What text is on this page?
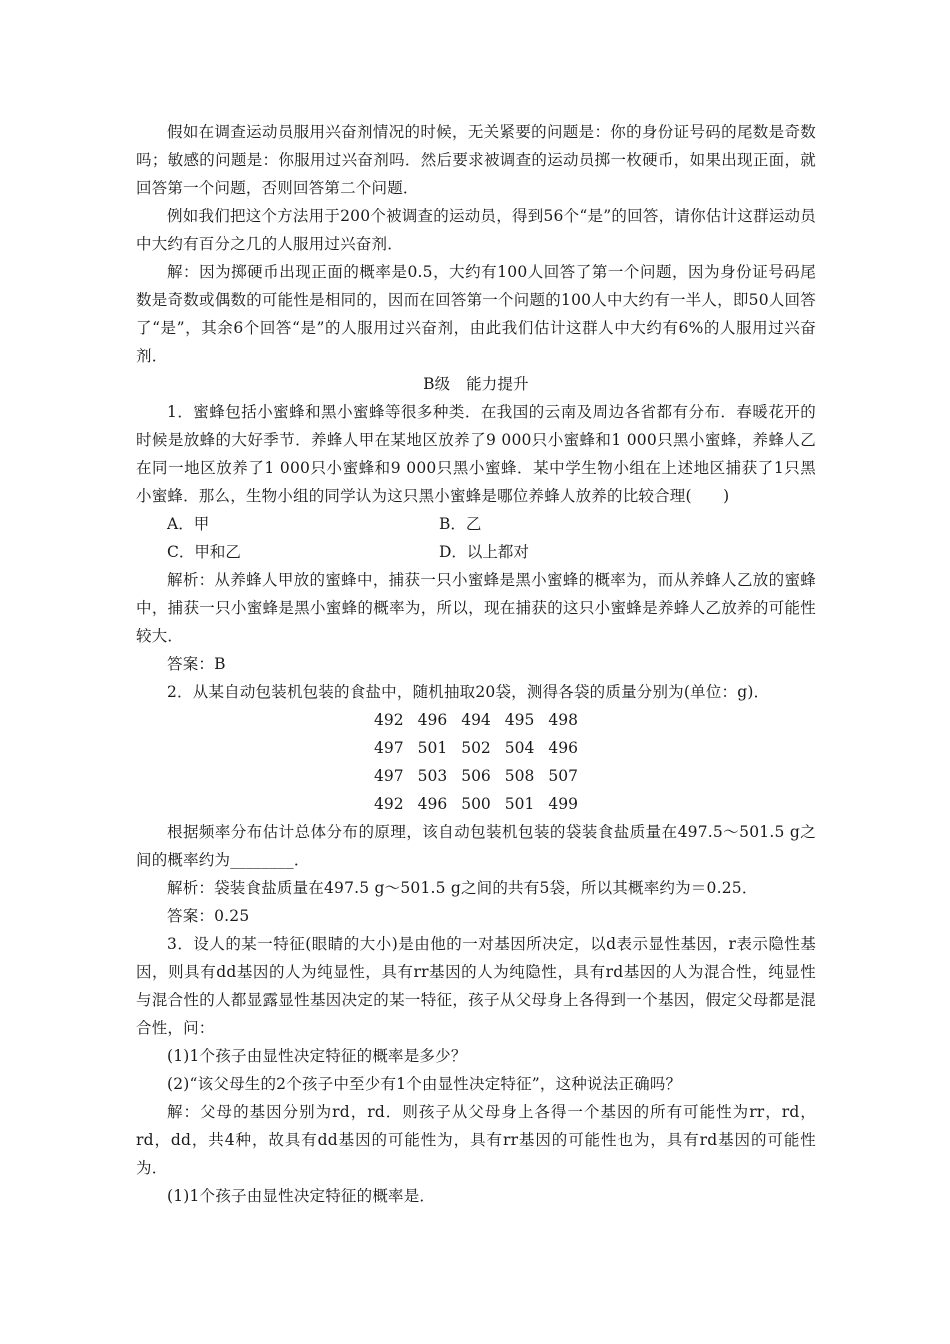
假如在调查运动员服用兴奋剂情况的时候，无关紧要的问题是：你的身份证号码的尾数是奇数吗；敏感的问题是：你服用过兴奋剂吗．然后要求被调查的运动员掷一枚硬币，如果出现正面，就回答第一个问题，否则回答第二个问题．

例如我们把这个方法用于200个被调查的运动员，得到56个“是”的回答，请你估计这群运动员中大约有百分之几的人服用过兴奋剂．

解：因为掷硬币出现正面的概率是0.5，大约有100人回答了第一个问题，因为身份证号码尾数是奇数或偶数的可能性是相同的，因而在回答第一个问题的100人中大约有一半人，即50人回答了“是”，其余6个回答“是”的人服用过兴奋剂，由此我们估计这群人中大约有6%的人服用过兴奋剂．

B级　能力提升

1．蜜蜂包括小蜜蜂和黑小蜜蜂等很多种类．在我国的云南及周边各省都有分布．春暖花开的时候是放蜂的大好季节．养蜂人甲在某地区放养了9 000只小蜜蜂和1 000只黑小蜜蜂，养蜂人乙在同一地区放养了1 000只小蜜蜂和9 000只黑小蜜蜂．某中学生物小组在上述地区捕获了1只黑小蜜蜂．那么，生物小组的同学认为这只黑小蜜蜂是哪位养蜂人放养的比较合理(　　)

A．甲	B．乙
C．甲和乙	D．以上都对

解析：从养蜂人甲放的蜜蜂中，捕获一只小蜜蜂是黑小蜜蜂的概率为，而从养蜂人乙放的蜜蜂中，捕获一只小蜜蜂是黑小蜜蜂的概率为，所以，现在捕获的这只小蜜蜂是养蜂人乙放养的可能性较大．

答案：B

2．从某自动包装机包装的食盐中，随机抽取20袋，测得各袋的质量分别为(单位：g)．

492	496	494	495	498
497	501	502	504	496
497	503	506	508	507
492	496	500	501	499

根据频率分布估计总体分布的原理，该自动包装机包装的袋装食盐质量在497.5～501.5 g之间的概率约为________．

解析：袋装食盐质量在497.5 g～501.5 g之间的共有5袋，所以其概率约为＝0.25．

答案：0.25

3．设人的某一特征(眼睛的大小)是由他的一对基因所决定，以d表示显性基因，r表示隐性基因，则具有dd基因的人为纯显性，具有rr基因的人为纯隐性，具有rd基因的人为混合性，纯显性与混合性的人都显露显性基因决定的某一特征，孩子从父母身上各得到一个基因，假定父母都是混合性，问：

(1)1个孩子由显性决定特征的概率是多少？

(2)“该父母生的2个孩子中至少有1个由显性决定特征”，这种说法正确吗？

解：父母的基因分别为rd，rd．则孩子从父母身上各得一个基因的所有可能性为rr，rd，rd，dd，共4种，故具有dd基因的可能性为，具有rr基因的可能性也为，具有rd基因的可能性为．

(1)1个孩子由显性决定特征的概率是．
